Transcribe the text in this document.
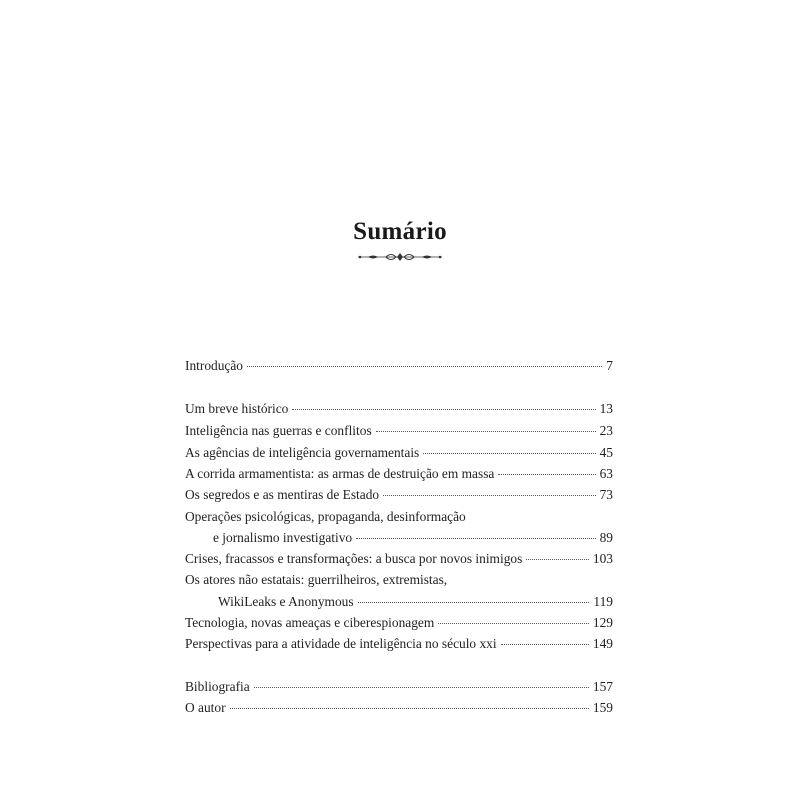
Sumário
Introdução	7
Um breve histórico	13
Inteligência nas guerras e conflitos	23
As agências de inteligência governamentais	45
A corrida armamentista: as armas de destruição em massa	63
Os segredos e as mentiras de Estado	73
Operações psicológicas, propaganda, desinformação
e jornalismo investigativo	89
Crises, fracassos e transformações: a busca por novos inimigos	103
Os atores não estatais: guerrilheiros, extremistas,
WikiLeaks e Anonymous	119
Tecnologia, novas ameaças e ciberespionagem	129
Perspectivas para a atividade de inteligência no século xxi	149
Bibliografia	157
O autor	159
